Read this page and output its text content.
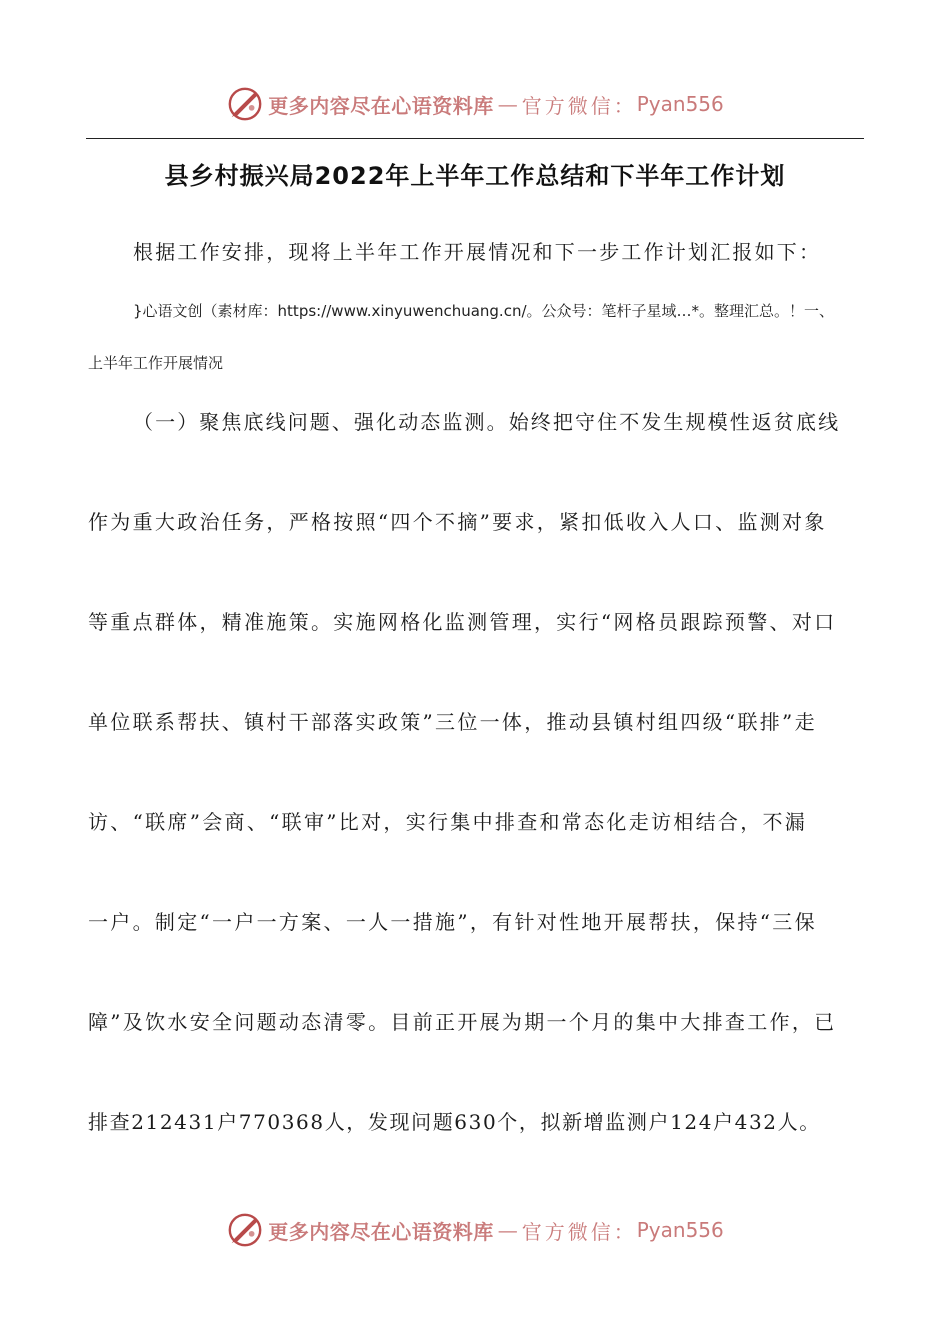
更多内容尽在心语资料库 — 官方微信： Pyan556
县乡村振兴局2022年上半年工作总结和下半年工作计划
根据工作安排，现将上半年工作开展情况和下一步工作计划汇报如下：
}心语文创（素材库：https://www.xinyuwenchuang.cn/。公众号：笔杆子星域…*。整理汇总。！一、
上半年工作开展情况
（一）聚焦底线问题、强化动态监测。始终把守住不发生规模性返贫底线
作为重大政治任务，严格按照“四个不摘”要求，紧扣低收入人口、监测对象
等重点群体，精准施策。实施网格化监测管理，实行“网格员跟踪预警、对口
单位联系帮扶、镇村干部落实政策”三位一体，推动县镇村组四级“联排”走
访、“联席”会商、“联审”比对，实行集中排查和常态化走访相结合，不漏
一户。制定“一户一方案、一人一措施”，有针对性地开展帮扶，保持“三保
障”及饮水安全问题动态清零。目前正开展为期一个月的集中大排查工作，已
排查212431户770368人，发现问题630个，拟新增监测户124户432人。
更多内容尽在心语资料库 — 官方微信： Pyan556
